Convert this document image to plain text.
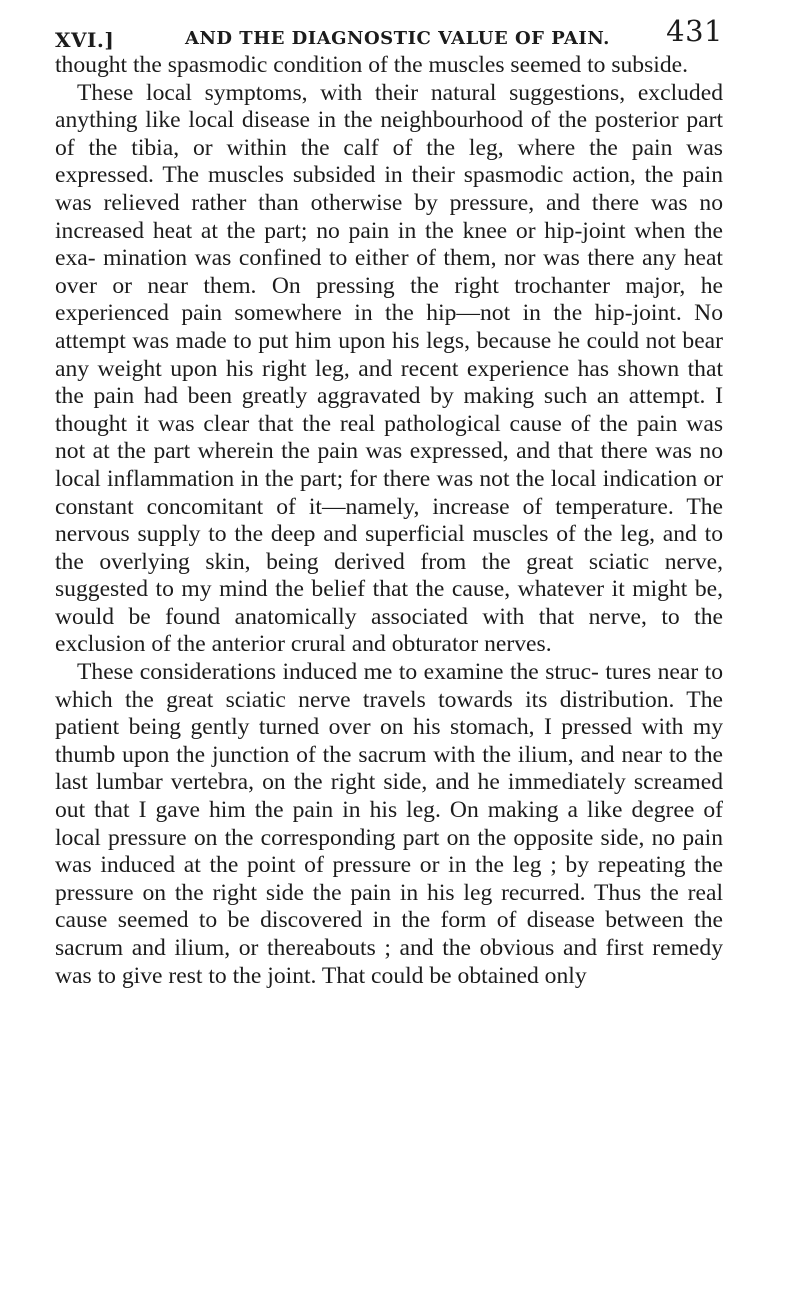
XVI.]	AND THE DIAGNOSTIC VALUE OF PAIN. 431

thought the spasmodic condition of the muscles seemed to subside.

These local symptoms, with their natural suggestions, excluded anything like local disease in the neighbourhood of the posterior part of the tibia, or within the calf of the leg, where the pain was expressed. The muscles subsided in their spasmodic action, the pain was relieved rather than otherwise by pressure, and there was no increased heat at the part; no pain in the knee or hip-joint when the exa- mination was confined to either of them, nor was there any heat over or near them. On pressing the right trochanter major, he experienced pain somewhere in the hip—not in the hip-joint. No attempt was made to put him upon his legs, because he could not bear any weight upon his right leg, and recent experience has shown that the pain had been greatly aggravated by making such an attempt. I thought it was clear that the real pathological cause of the pain was not at the part wherein the pain was expressed, and that there was no local inflammation in the part; for there was not the local indication or constant concomitant of it—namely, increase of temperature. The nervous supply to the deep and superficial muscles of the leg, and to the overlying skin, being derived from the great sciatic nerve, suggested to my mind the belief that the cause, whatever it might be, would be found anatomically associated with that nerve, to the exclusion of the anterior crural and obturator nerves.

These considerations induced me to examine the struc- tures near to which the great sciatic nerve travels towards its distribution. The patient being gently turned over on his stomach, I pressed with my thumb upon the junction of the sacrum with the ilium, and near to the last lumbar vertebra, on the right side, and he immediately screamed out that I gave him the pain in his leg. On making a like degree of local pressure on the corresponding part on the opposite side, no pain was induced at the point of pressure or in the leg ; by repeating the pressure on the right side the pain in his leg recurred. Thus the real cause seemed to be discovered in the form of disease between the sacrum and ilium, or thereabouts ; and the obvious and first remedy was to give rest to the joint. That could be obtained only
